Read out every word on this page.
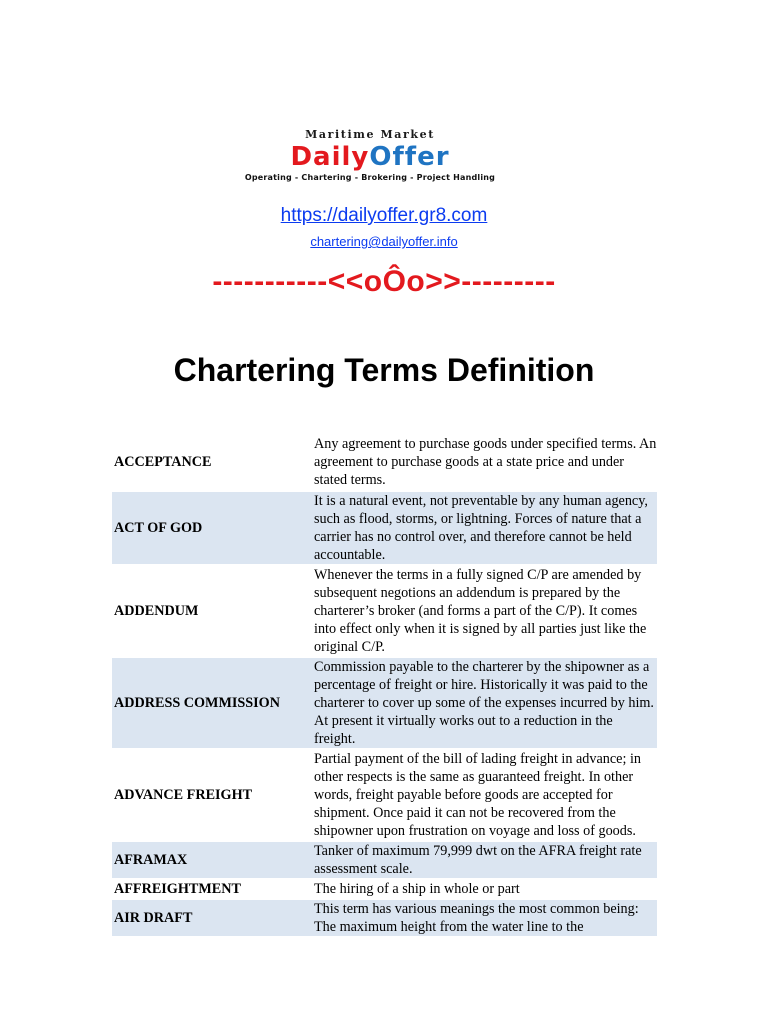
Maritime Market
DailyOffer
Operating - Chartering - Brokering - Project Handling
https://dailyoffer.gr8.com
chartering@dailyoffer.info
-----------<<oÔo>>---------
Chartering Terms Definition
ACCEPTANCE	Any agreement to purchase goods under specified terms. An agreement to purchase goods at a state price and under stated terms.
ACT OF GOD	It is a natural event, not preventable by any human agency, such as flood, storms, or lightning. Forces of nature that a carrier has no control over, and therefore cannot be held accountable.
ADDENDUM	Whenever the terms in a fully signed C/P are amended by subsequent negotions an addendum is prepared by the charterer’s broker (and forms a part of the C/P). It comes into effect only when it is signed by all parties just like the original C/P.
ADDRESS COMMISSION	Commission payable to the charterer by the shipowner as a percentage of freight or hire. Historically it was paid to the charterer to cover up some of the expenses incurred by him. At present it virtually works out to a reduction in the freight.
ADVANCE FREIGHT	Partial payment of the bill of lading freight in advance; in other respects is the same as guaranteed freight. In other words, freight payable before goods are accepted for shipment. Once paid it can not be recovered from the shipowner upon frustration on voyage and loss of goods.
AFRAMAX	Tanker of maximum 79,999 dwt on the AFRA freight rate assessment scale.
AFFREIGHTMENT	The hiring of a ship in whole or part
AIR DRAFT	This term has various meanings the most common being: The maximum height from the water line to the
